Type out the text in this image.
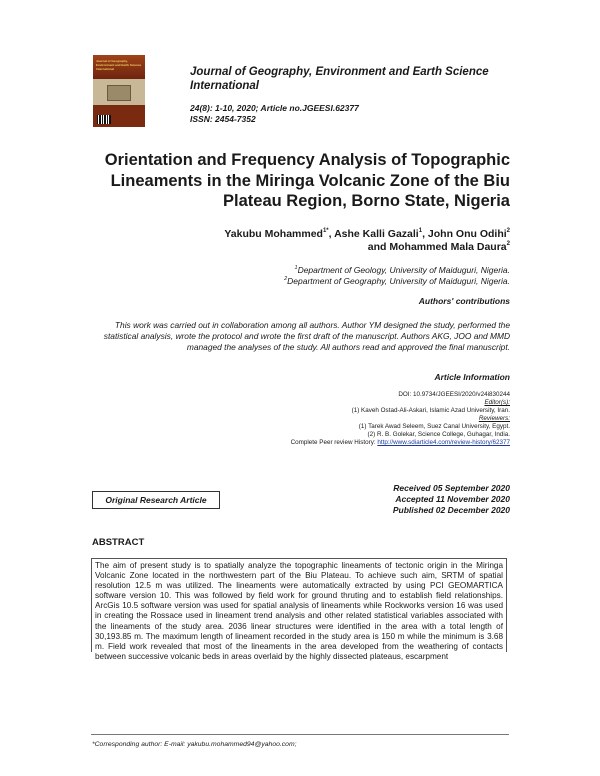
Journal of Geography, Environment and Earth Science International	Journal of Geography, Environment and Earth Science International
24(8): 1-10, 2020; Article no.JGEESI.62377
ISSN: 2454-7352
Orientation and Frequency Analysis of Topographic Lineaments in the Miringa Volcanic Zone of the Biu Plateau Region, Borno State, Nigeria
Yakubu Mohammed$^{1*}$, Ashe Kalli Gazali$^1$, John Onu Odihi$^2$
and Mohammed Mala Daura$^2$
$^1$Department of Geology, University of Maiduguri, Nigeria.
$^2$Department of Geography, University of Maiduguri, Nigeria.
Authors' contributions
This work was carried out in collaboration among all authors. Author YM designed the study, performed the statistical analysis, wrote the protocol and wrote the first draft of the manuscript. Authors AKG, JOO and MMD managed the analyses of the study. All authors read and approved the final manuscript.
Article Information
DOI: 10.9734/JGEESI/2020/v24i830244
Editor(s):
(1) Kaveh Ostad-Ali-Askari, Islamic Azad University, Iran.
Reviewers:
(1) Tarek Awad Seleem, Suez Canal University, Egypt.
(2) R. B. Golekar, Science College, Guhagar, India.
Complete Peer review History: http://www.sdiarticle4.com/review-history/62377
Original Research Article
Received 05 September 2020
Accepted 11 November 2020
Published 02 December 2020
ABSTRACT
The aim of present study is to spatially analyze the topographic lineaments of tectonic origin in the Miringa Volcanic Zone located in the northwestern part of the Biu Plateau. To achieve such aim, SRTM of spatial resolution 12.5 m was utilized. The lineaments were automatically extracted by using PCI GEOMARTICA software version 10. This was followed by field work for ground thruting and to establish field relationships. ArcGis 10.5 software version was used for spatial analysis of lineaments while Rockworks version 16 was used in creating the Rossace used in lineament trend analysis and other related statistical variables associated with the lineaments of the study area. 2036 linear structures were identified in the area with a total length of 30,193.85 m. The maximum length of lineament recorded in the study area is 150 m while the minimum is 3.68 m. Field work revealed that most of the lineaments in the area developed from the weathering of contacts between successive volcanic beds in areas overlaid by the highly dissected plateaus, escarpment
*Corresponding author: E-mail: yakubu.mohammed94@yahoo.com;
